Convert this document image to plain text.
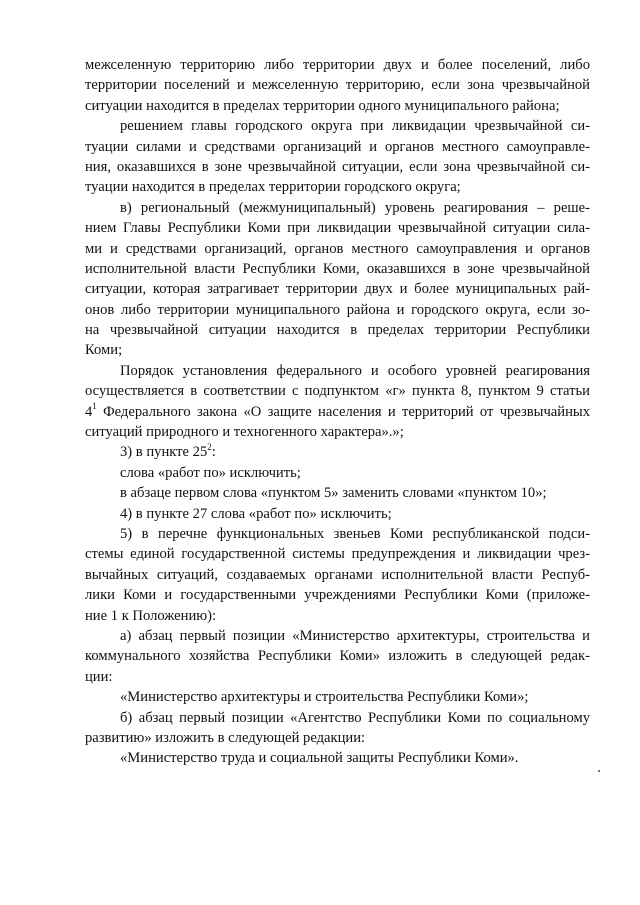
межселенную территорию либо территории двух и более поселений, либо
территории поселений и межселенную территорию, если зона чрезвычайной
ситуации находится в пределах территории одного муниципального района;
решением главы городского округа при ликвидации чрезвычайной си-
туации силами и средствами организаций и органов местного самоуправле-
ния, оказавшихся в зоне чрезвычайной ситуации, если зона чрезвычайной си-
туации находится в пределах территории городского округа;
в) региональный (межмуниципальный) уровень реагирования – реше-
нием Главы Республики Коми при ликвидации чрезвычайной ситуации сила-
ми и средствами организаций, органов местного самоуправления и органов
исполнительной власти Республики Коми, оказавшихся в зоне чрезвычайной
ситуации, которая затрагивает территории двух и более муниципальных рай-
онов либо территории муниципального района и городского округа, если зо-
на чрезвычайной ситуации находится в пределах территории Республики
Коми;
Порядок установления федерального и особого уровней реагирования
осуществляется в соответствии с подпунктом «г» пункта 8, пунктом 9 статьи
$4^1$ Федерального закона «О защите населения и территорий от чрезвычайных
ситуаций природного и техногенного характера».»;
3) в пункте $25^2$:
слова «работ по» исключить;
в абзаце первом слова «пунктом 5» заменить словами «пунктом 10»;
4) в пункте 27 слова «работ по» исключить;
5) в перечне функциональных звеньев Коми республиканской подси-
стемы единой государственной системы предупреждения и ликвидации чрез-
вычайных ситуаций, создаваемых органами исполнительной власти Респуб-
лики Коми и государственными учреждениями Республики Коми (приложе-
ние 1 к Положению):
а) абзац первый позиции «Министерство архитектуры, строительства и
коммунального хозяйства Республики Коми» изложить в следующей редак-
ции:
«Министерство архитектуры и строительства Республики Коми»;
б) абзац первый позиции «Агентство Республики Коми по социальному
развитию» изложить в следующей редакции:
«Министерство труда и социальной защиты Республики Коми».
